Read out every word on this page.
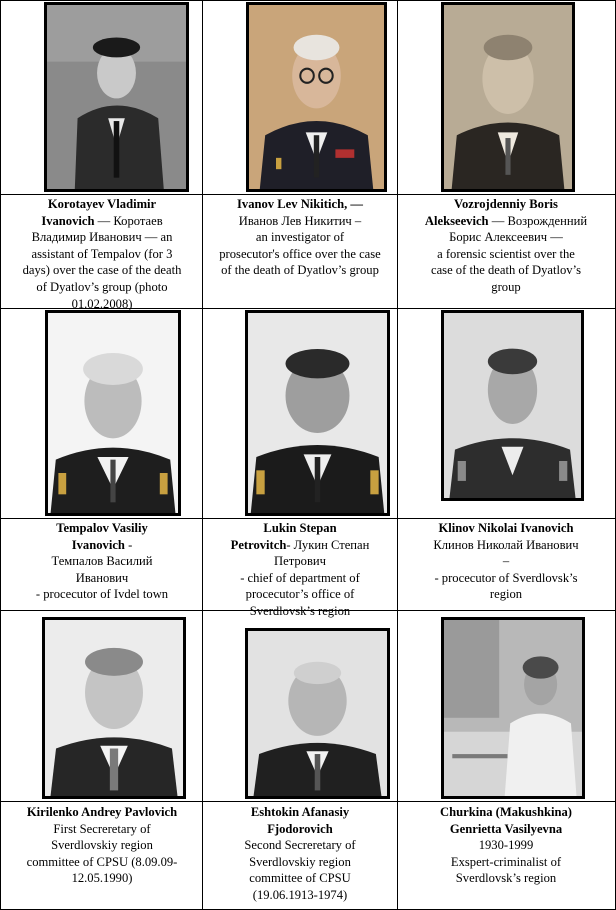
Korotayev Vladimir
Ivanovich — Коротаев
Владимир Иванович — an
assistant of Tempalov (for 3
days) over the case of the death
of Dyatlov’s group (photo
01.02.2008)
Ivanov Lev Nikitich, —
Иванов Лев Никитич –
an investigator of
prosecutor's office over the case
of the death of Dyatlov’s group
Vozrojdenniy Boris
Alekseevich — Возрожденний
Борис Алексеевич —
a forensic scientist over the
case of the death of Dyatlov’s
group
Tempalov Vasiliy
Ivanovich -
Темпалов Василий
Иванович
- procecutor of Ivdel town
Lukin Stepan
Petrovitch- Лукин Степан
Петрович
- chief of department of
procecutor’s office of
Sverdlovsk’s region
Klinov Nikolai Ivanovich
Клинов Николай Иванович
–
- procecutor of Sverdlovsk’s
region
Kirilenko Andrey Pavlovich
First Secreretary of
Sverdlovskiy region
committee of CPSU (8.09.09-
12.05.1990)
Eshtokin Afanasiy
Fjodorovich
Second Secreretary of
Sverdlovskiy region
committee of CPSU
(19.06.1913-1974)
Churkina (Makushkina)
Genrietta Vasilyevna
1930-1999
Exspert-criminalist of
Sverdlovsk’s region
